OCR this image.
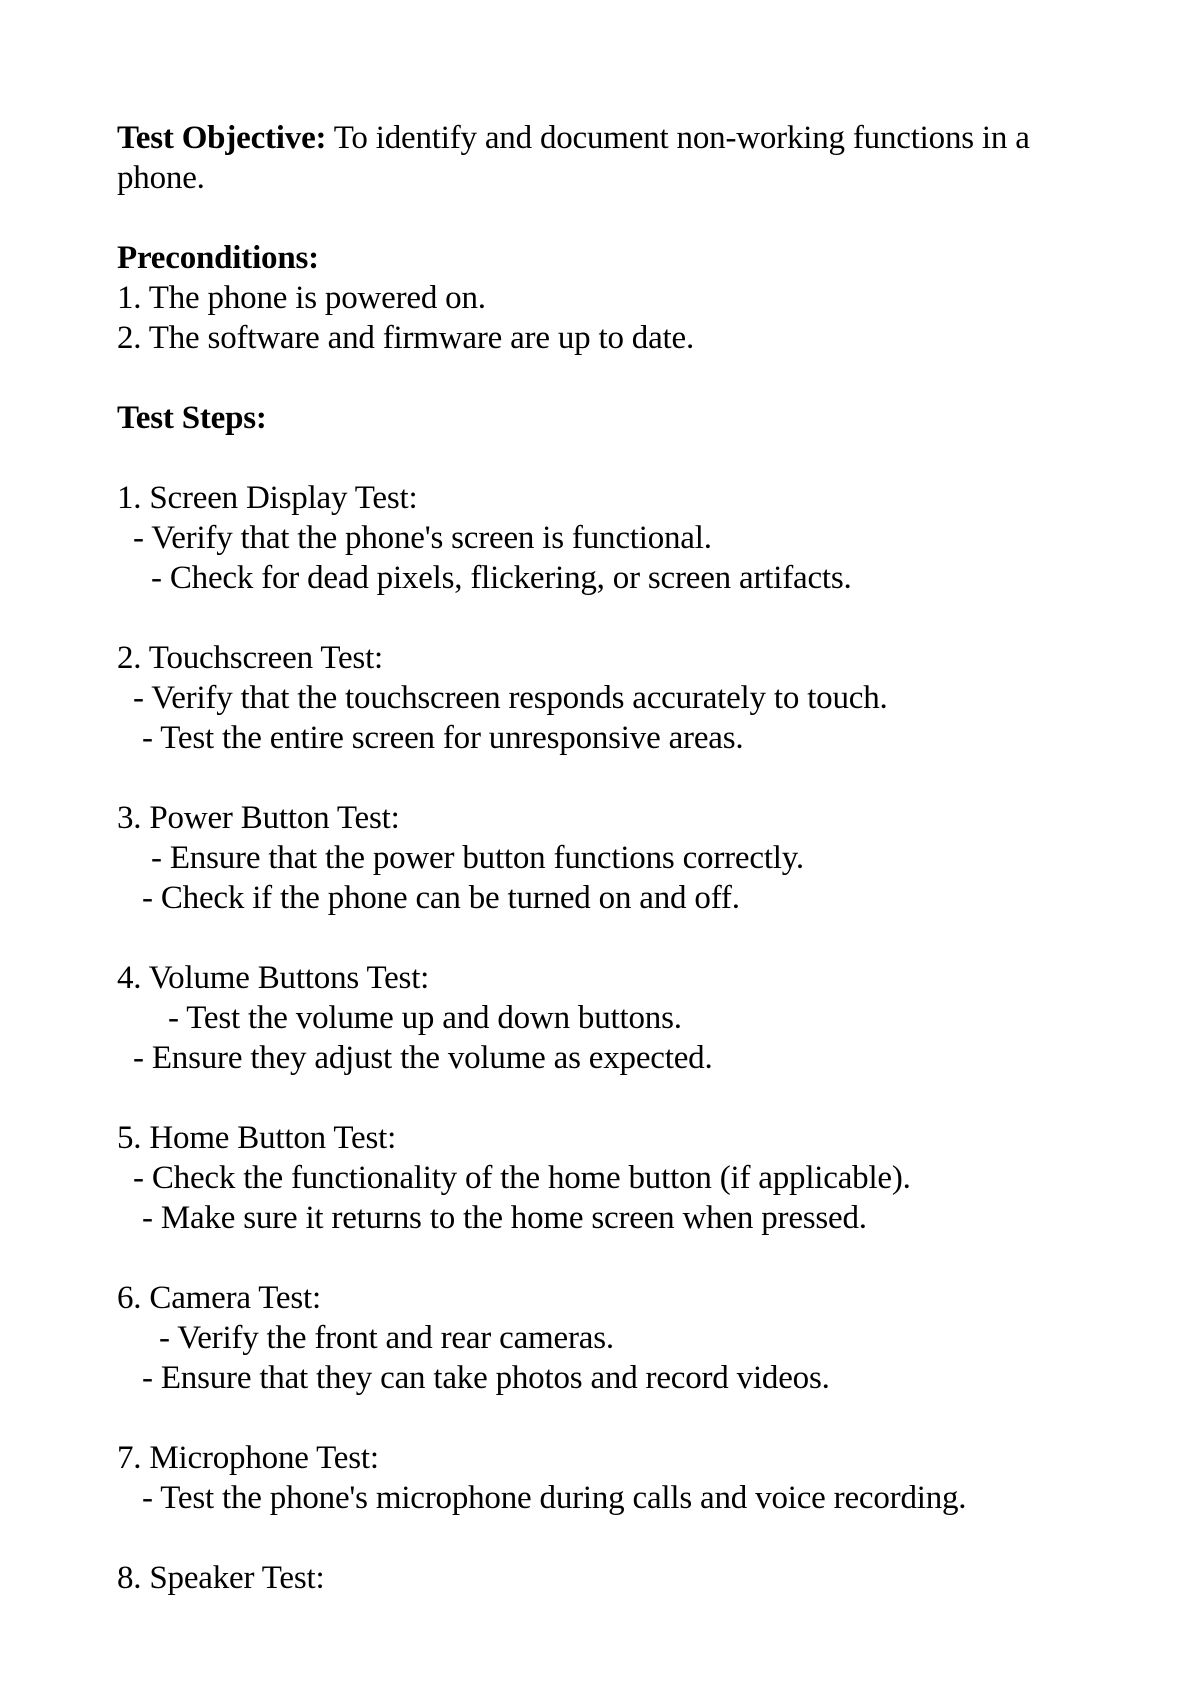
Test Objective: To identify and document non-working functions in a
phone.
Preconditions:
1. The phone is powered on.
2. The software and firmware are up to date.
Test Steps:
1. Screen Display Test:
- Verify that the phone's screen is functional.
- Check for dead pixels, flickering, or screen artifacts.
2. Touchscreen Test:
- Verify that the touchscreen responds accurately to touch.
- Test the entire screen for unresponsive areas.
3. Power Button Test:
- Ensure that the power button functions correctly.
- Check if the phone can be turned on and off.
4. Volume Buttons Test:
- Test the volume up and down buttons.
- Ensure they adjust the volume as expected.
5. Home Button Test:
- Check the functionality of the home button (if applicable).
- Make sure it returns to the home screen when pressed.
6. Camera Test:
- Verify the front and rear cameras.
- Ensure that they can take photos and record videos.
7. Microphone Test:
- Test the phone's microphone during calls and voice recording.
8. Speaker Test:
